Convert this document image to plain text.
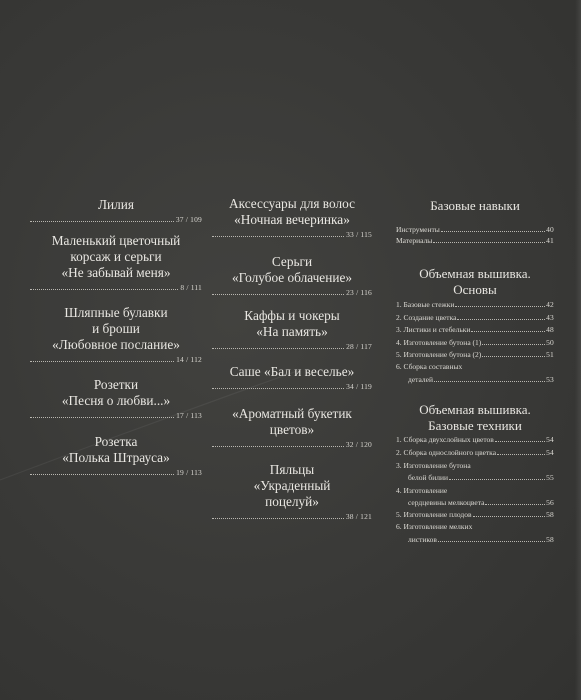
Лилия
37 / 109
Маленький цветочный
корсаж и серьги
«Не забывай меня»
8 / 111
Шляпные булавки
и броши
«Любовное послание»
14 / 112
Розетки
«Песня о любви...»
17 / 113
Розетка
«Полька Штрауса»
19 / 113
Аксессуары для волос
«Ночная вечеринка»
33 / 115
Серьги
«Голубое облачение»
23 / 116
Каффы и чокеры
«На память»
28 / 117
Саше «Бал и веселье»
34 / 119
«Ароматный букетик
цветов»
32 / 120
Пяльцы
«Украденный
поцелуй»
38 / 121
Базовые навыки
Инструменты	40
Материалы	41
Объемная вышивка.
Основы
1. Базовые стежки	42
2. Создание цветка	43
3. Листики и стебельки	48
4. Изготовление бутона (1)	50
5. Изготовление бутона (2)	51
6. Сборка составных
деталей	53
Объемная вышивка.
Базовые техники
1. Сборка двухслойных цветов	54
2. Сборка однослойного цветка	54
3. Изготовление бутона
белой билии	55
4. Изготовление
сердцевины мелкоцвета	56
5. Изготовление плодов	58
6. Изготовление мелких
листиков	58
